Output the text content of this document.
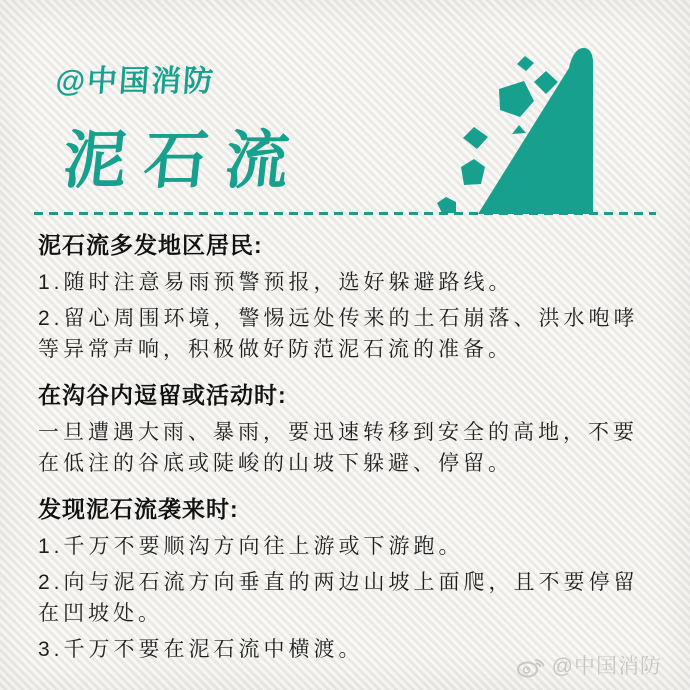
@中国消防
泥石流
泥石流多发地区居民:

1.随时注意易雨预警预报，选好躲避路线。

2.留心周围环境，警惕远处传来的土石崩落、洪水咆哮等异常声响，积极做好防范泥石流的准备。

在沟谷内逗留或活动时:

一旦遭遇大雨、暴雨，要迅速转移到安全的高地，不要在低注的谷底或陡峻的山坡下躲避、停留。

发现泥石流袭来时:

1.千万不要顺沟方向往上游或下游跑。

2.向与泥石流方向垂直的两边山坡上面爬，且不要停留在凹坡处。

3.千万不要在泥石流中横渡。

@中国消防
